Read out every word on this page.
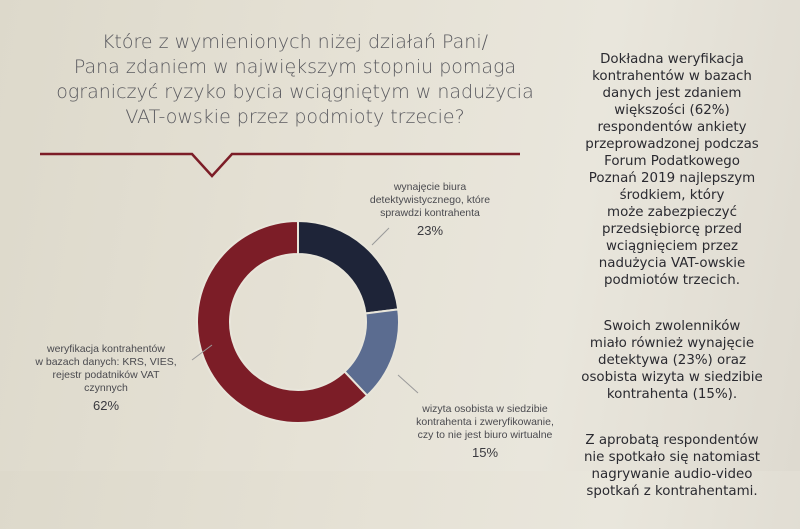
Które z wymienionych niżej działań Pani/
Pana zdaniem w największym stopniu pomaga
ograniczyć ryzyko bycia wciągniętym w nadużycia
VAT-owskie przez podmioty trzecie?

wynajęcie biura
detektywistycznego, które
sprawdzi kontrahenta

23%

weryfikacja kontrahentów
w bazach danych: KRS, VIES,
rejestr podatników VAT
czynnych

62%	wizyta osobista w siedzibie
kontrahenta i zweryfikowanie,
czy to nie jest biuro wirtualne

15%

Dokładna weryfikacja
kontrahentów w bazach
danych jest zdaniem
większości (62%)
respondentów ankiety
przeprowadzonej podczas
Forum Podatkowego
Poznań 2019 najlepszym
środkiem, który
może zabezpieczyć
przedsiębiorcę przed
wciągnięciem przez
nadużycia VAT-owskie
podmiotów trzecich.

Swoich zwolenników
miało również wynajęcie
detektywa (23%) oraz
osobista wizyta w siedzibie
kontrahenta (15%).

Z aprobatą respondentów
nie spotkało się natomiast
nagrywanie audio-video
spotkań z kontrahentami.
